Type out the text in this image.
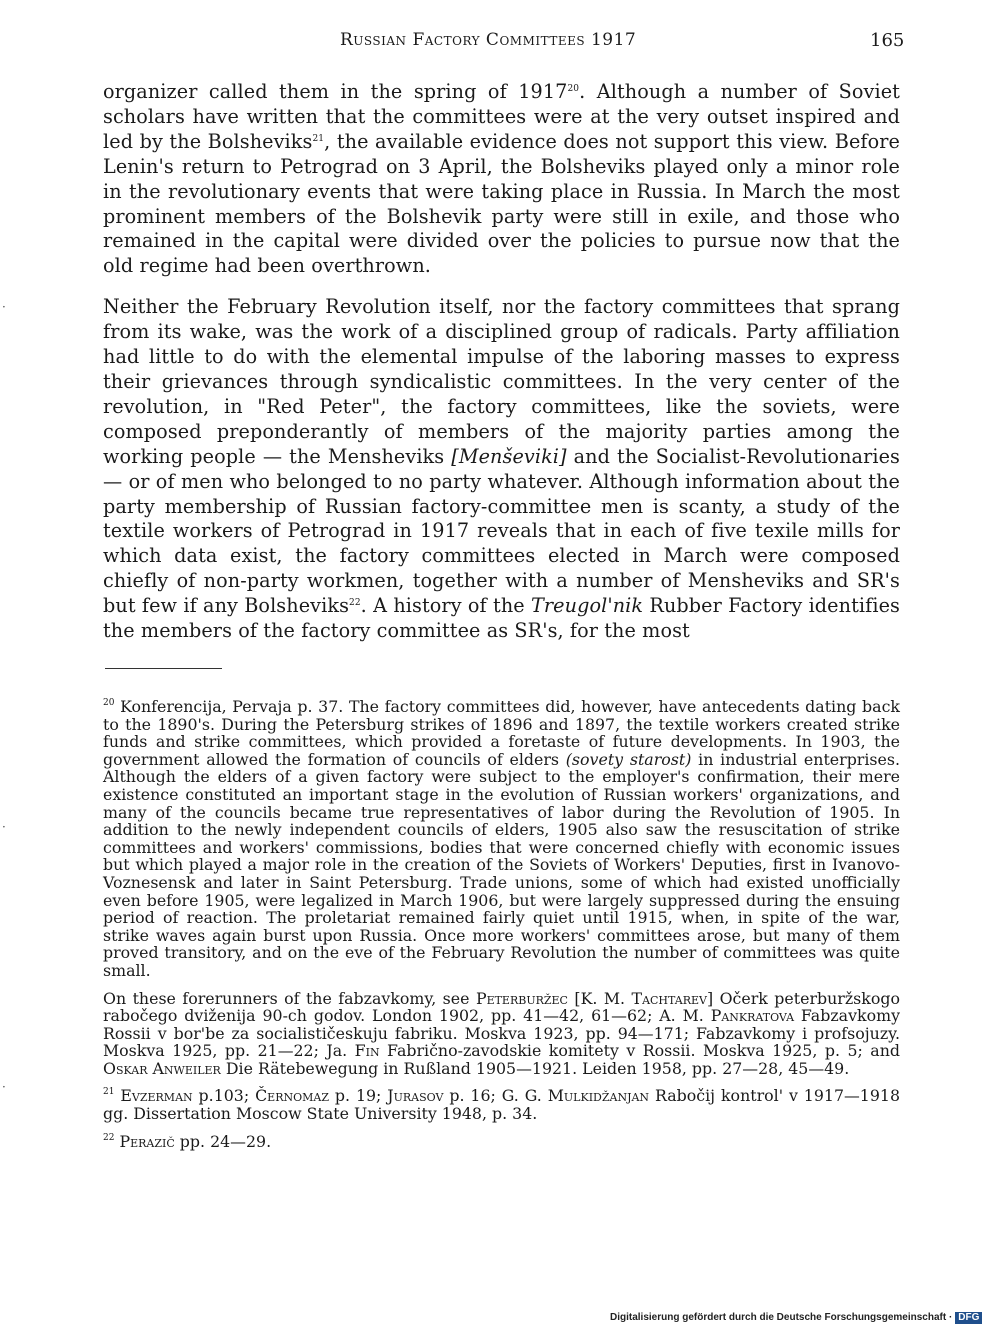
Russian Factory Committees 1917	165
·
·
·

organizer called them in the spring of 1917$^{20}$. Although a number of Soviet scholars have written that the committees were at the very outset inspired and led by the Bolsheviks$^{21}$, the available evidence does not support this view. Before Lenin's return to Petrograd on 3 April, the Bolsheviks played only a minor role in the revolutionary events that were taking place in Russia. In March the most prominent members of the Bolshevik party were still in exile, and those who remained in the capital were divided over the policies to pursue now that the old regime had been overthrown.

Neither the February Revolution itself, nor the factory committees that sprang from its wake, was the work of a disciplined group of radicals. Party affiliation had little to do with the elemental impulse of the laboring masses to express their grievances through syndicalistic committees. In the very center of the revolution, in "Red Peter", the factory committees, like the soviets, were composed preponderantly of members of the majority parties among the working people — the Mensheviks [Menševiki] and the Socialist-Revolutionaries — or of men who belonged to no party whatever. Although information about the party membership of Russian factory-committee men is scanty, a study of the textile workers of Petrograd in 1917 reveals that in each of five texile mills for which data exist, the factory committees elected in March were composed chiefly of non-party workmen, together with a number of Mensheviks and SR's but few if any Bolsheviks$^{22}$. A history of the Treugol'nik Rubber Factory identifies the members of the factory committee as SR's, for the most

$^{20}$ Konferencija, Pervaja p. 37. The factory committees did, however, have antecedents dating back to the 1890's. During the Petersburg strikes of 1896 and 1897, the textile workers created strike funds and strike committees, which provided a foretaste of future developments. In 1903, the government allowed the formation of councils of elders (sovety starost) in industrial enterprises. Although the elders of a given factory were subject to the employer's confirmation, their mere existence constituted an important stage in the evolution of Russian workers' organizations, and many of the councils became true representatives of labor during the Revolution of 1905. In addition to the newly independent councils of elders, 1905 also saw the resuscitation of strike committees and workers' commissions, bodies that were concerned chiefly with economic issues but which played a major role in the creation of the Soviets of Workers' Deputies, first in Ivanovo-Voznesensk and later in Saint Petersburg. Trade unions, some of which had existed unofficially even before 1905, were legalized in March 1906, but were largely suppressed during the ensuing period of reaction. The proletariat remained fairly quiet until 1915, when, in spite of the war, strike waves again burst upon Russia. Once more workers' committees arose, but many of them proved transitory, and on the eve of the February Revolution the number of committees was quite small.

On these forerunners of the fabzavkomy, see Peterburžec [K. M. Tachtarev] Očerk peterburžskogo rabočego dviženija 90-ch godov. London 1902, pp. 41—42, 61—62; A. M. Pankratova Fabzavkomy Rossii v bor'be za socialističeskuju fabriku. Moskva 1923, pp. 94—171; Fabzavkomy i profsojuzy. Moskva 1925, pp. 21—22; Ja. Fin Fabrično-zavodskie komitety v Rossii. Moskva 1925, p. 5; and Oskar Anweiler Die Rätebewegung in Rußland 1905—1921. Leiden 1958, pp. 27—28, 45—49.

$^{21}$ Evzerman p.103; Černomaz p. 19; Jurasov p. 16; G. G. Mulkidžanjan Rabočij kontrol' v 1917—1918 gg. Dissertation Moscow State University 1948, p. 34.

$^{22}$ Perazič pp. 24—29.

Digitalisierung gefördert durch die Deutsche Forschungsgemeinschaft · DFG
